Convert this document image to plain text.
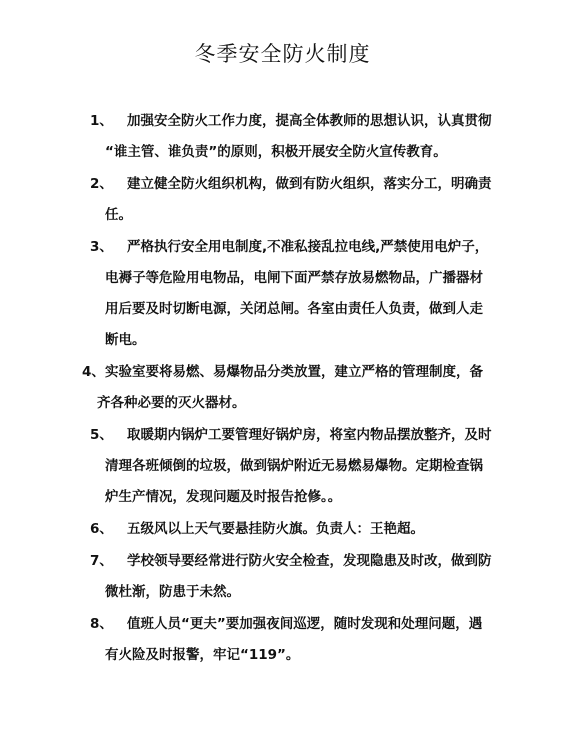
冬季安全防火制度
1、 加强安全防火工作力度，提高全体教师的思想认识，认真贯彻
“谁主管、谁负责”的原则，积极开展安全防火宣传教育。
2、 建立健全防火组织机构，做到有防火组织，落实分工，明确责
任。
3、 严格执行安全用电制度,不准私接乱拉电线,严禁使用电炉子，
电褥子等危险用电物品，电闸下面严禁存放易燃物品，广播器材
用后要及时切断电源，关闭总闸。各室由责任人负责，做到人走
断电。
4、 实验室要将易燃、易爆物品分类放置，建立严格的管理制度，备
齐各种必要的灭火器材。
5、 取暖期内锅炉工要管理好锅炉房，将室内物品摆放整齐，及时
清理各班倾倒的垃圾，做到锅炉附近无易燃易爆物。定期检查锅
炉生产情况，发现问题及时报告抢修。。
6、 五级风以上天气要悬挂防火旗。负责人：王艳超。
7、 学校领导要经常进行防火安全检查，发现隐患及时改，做到防
微杜渐，防患于未然。
8、 值班人员“更夫”要加强夜间巡逻，随时发现和处理问题，遇
有火险及时报警，牢记“119”。
